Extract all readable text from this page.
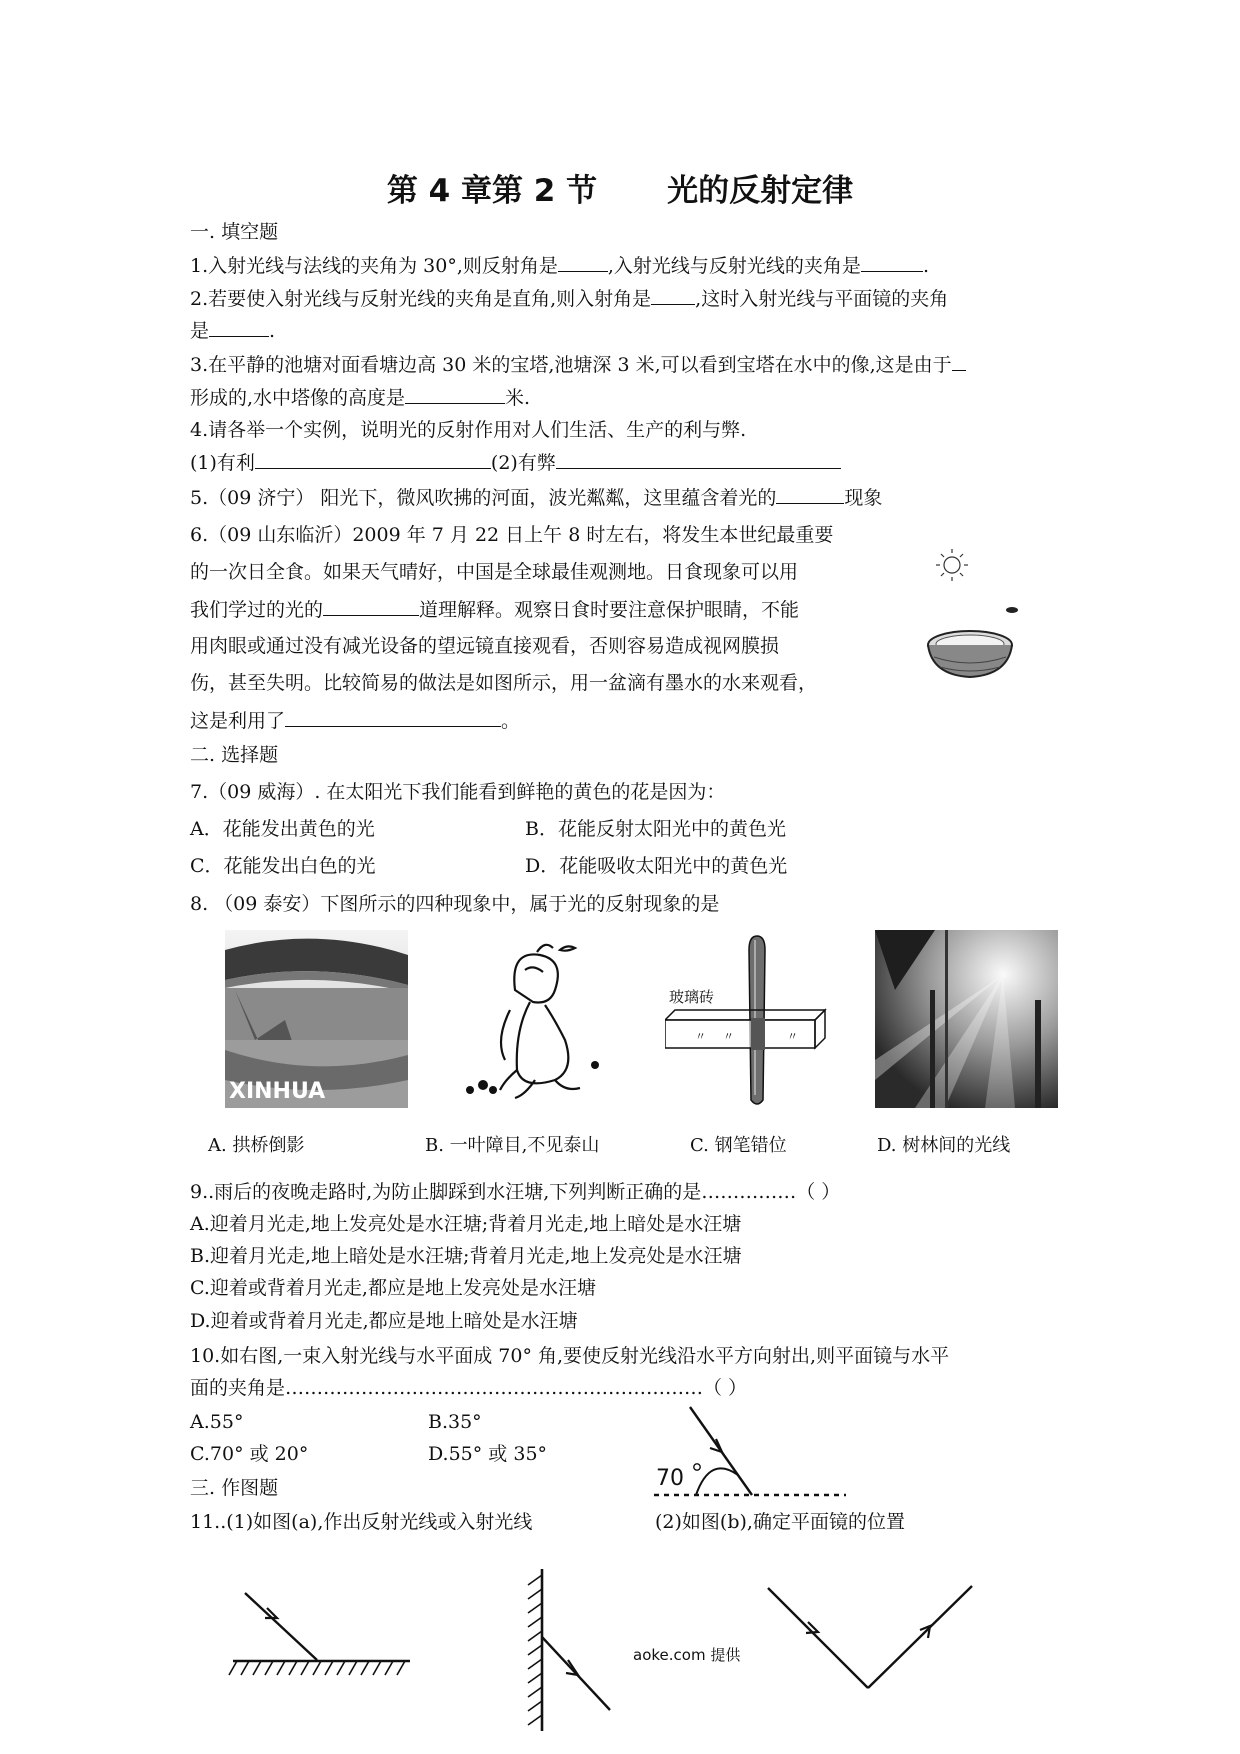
第 4 章第 2 节 光的反射定律
一. 填空题
1.入射光线与法线的夹角为 30°,则反射角是	,入射光线与反射光线的夹角是	.
2.若要使入射光线与反射光线的夹角是直角,则入射角是 ,这时入射光线与平面镜的夹角
是	.
3.在平静的池塘对面看塘边高 30 米的宝塔,池塘深 3 米,可以看到宝塔在水中的像,这是由于
形成的,水中塔像的高度是	米.
4.请各举一个实例，说明光的反射作用对人们生活、生产的利与弊.
(1)有利	(2)有弊
5.（09 济宁） 阳光下，微风吹拂的河面，波光粼粼，这里蕴含着光的	现象
6.（09 山东临沂）2009 年 7 月 22 日上午 8 时左右，将发生本世纪最重要
的一次日全食。如果天气晴好，中国是全球最佳观测地。日食现象可以用
我们学过的光的	道理解释。观察日食时要注意保护眼睛，不能
用肉眼或通过没有减光设备的望远镜直接观看，否则容易造成视网膜损
伤，甚至失明。比较简易的做法是如图所示，用一盆滴有墨水的水来观看，
这是利用了	。
二. 选择题
7.（09 威海）. 在太阳光下我们能看到鲜艳的黄色的花是因为：
A．花能发出黄色的光	B．花能反射太阳光中的黄色光
C．花能发出白色的光	D．花能吸收太阳光中的黄色光
8. （09 泰安）下图所示的四种现象中，属于光的反射现象的是
XINHUA
玻璃砖
〃 〃	〃
A. 拱桥倒影	B. 一叶障目,不见泰山	C. 钢笔错位	D. 树林间的光线
9..雨后的夜晚走路时,为防止脚踩到水汪塘,下列判断正确的是……………（ ）
A.迎着月光走,地上发亮处是水汪塘;背着月光走,地上暗处是水汪塘
B.迎着月光走,地上暗处是水汪塘;背着月光走,地上发亮处是水汪塘
C.迎着或背着月光走,都应是地上发亮处是水汪塘
D.迎着或背着月光走,都应是地上暗处是水汪塘
10.如右图,一束入射光线与水平面成 70° 角,要使反射光线沿水平方向射出,则平面镜与水平
面的夹角是…………………………………………………………（ ）
A.55°	B.35°
C.70° 或 20°	D.55° 或 35°
70
三. 作图题
11..(1)如图(a),作出反射光线或入射光线	(2)如图(b),确定平面镜的位置
aoke.com 提供
